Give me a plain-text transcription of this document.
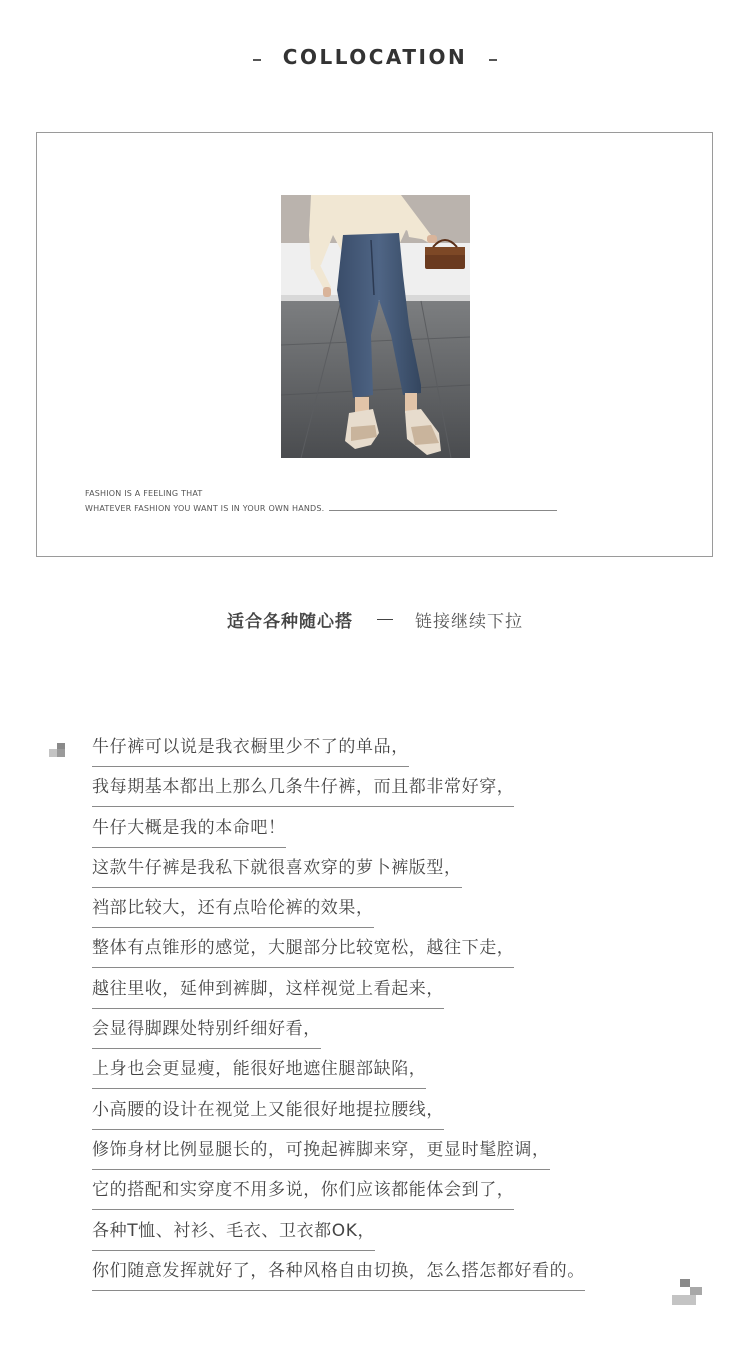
COLLOCATION
FASHION IS A FEELING THAT
WHATEVER FASHION YOU WANT IS IN YOUR OWN HANDS.
适合各种随心搭	链接继续下拉
牛仔裤可以说是我衣橱里少不了的单品，
我每期基本都出上那么几条牛仔裤，而且都非常好穿，
牛仔大概是我的本命吧！
这款牛仔裤是我私下就很喜欢穿的萝卜裤版型，
裆部比较大，还有点哈伦裤的效果，
整体有点锥形的感觉，大腿部分比较宽松，越往下走，
越往里收，延伸到裤脚，这样视觉上看起来，
会显得脚踝处特别纤细好看，
上身也会更显瘦，能很好地遮住腿部缺陷，
小高腰的设计在视觉上又能很好地提拉腰线，
修饰身材比例显腿长的，可挽起裤脚来穿，更显时髦腔调，
它的搭配和实穿度不用多说，你们应该都能体会到了，
各种T恤、衬衫、毛衣、卫衣都OK，
你们随意发挥就好了，各种风格自由切换，怎么搭怎都好看的。
